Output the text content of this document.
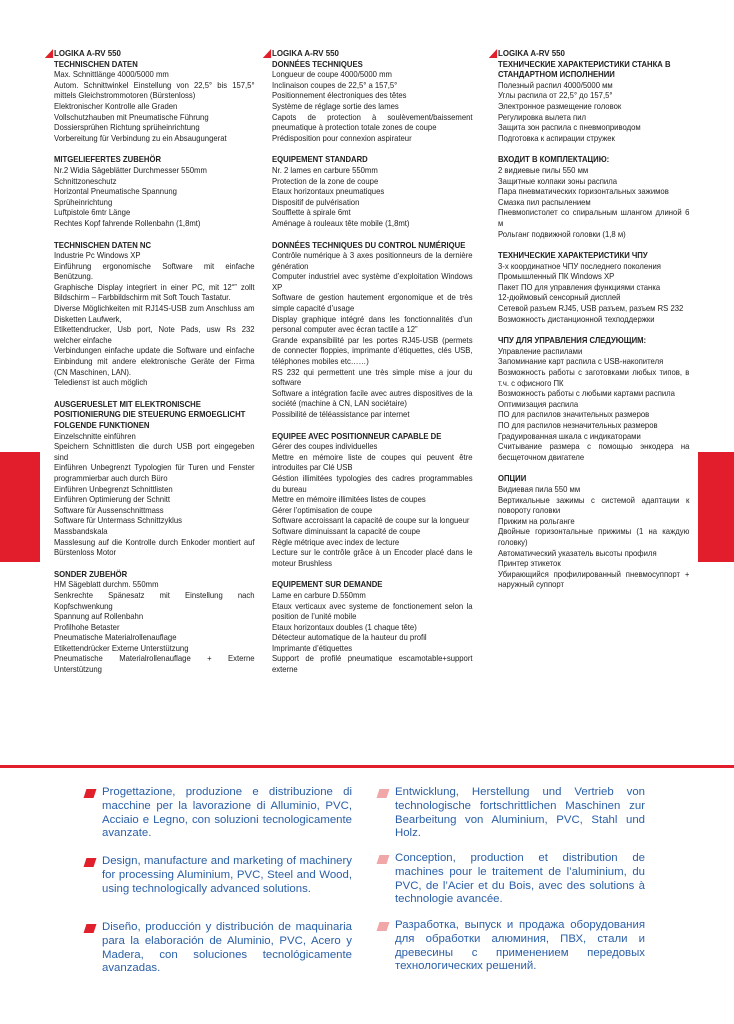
LOGIKA A-RV 550
TECHNISCHEN DATEN
Max. Schnittlänge 4000/5000 mm
Autom. Schnittwinkel Einstellung von 22,5° bis 157,5° mittels Gleichstrommotoren (Bürstenloss)
Elektronischer Kontrolle alle Graden
Vollschutzhauben mit Pneumatische Führung
Dossiersprühen Richtung sprüheinrichtung
Vorbereitung für Verbindung zu ein Absaugungerat
MITGELIEFERTES ZUBEHÖR
Nr.2 Widia Sägeblätter Durchmesser 550mm
Schnittzoneschutz
Horizontal Pneumatische Spannung
Sprüheinrichtung
Luftpistole 6mtr Länge
Rechtes Kopf fahrende Rollenbahn (1,8mt)
TECHNISCHEN DATEN NC
Industrie Pc Windows XP
Einführung ergonomische Software mit einfache Benützung.
Graphische Display integriert in einer PC, mit 12“” zollt Bildschirm – Farbbildschirm mit Soft Touch Tastatur.
Diverse Möglichkeiten mit RJ14S-USB zum Anschluss am Disketten Laufwerk,
Etikettendrucker, Usb port, Note Pads, usw Rs 232 welcher einfache
Verbindungen einfache update die Software und einfache Einbindung mit andere elektronische Geräte der Firma (CN Maschinen, LAN).
Telediensт ist auch möglich
AUSGERUESLET MIT ELEKTRONISCHE POSITIONIERUNG DIE STEUERUNG ERMOEGLICHT FOLGENDE FUNKTIONEN
Einzelschnitte einführen
Speichern Schnittlisten die durch USB port eingegeben sind
Einführen Unbegrenzt Typologien für Turen und Fenster programmierbar auch durch Büro
Einführen Unbegrenzt Schnittlisten
Einführen Optimierung der Schnitt
Software für Aussenschnittmass
Software für Untermass Schnittzyklus
Massbandskala
Masslesung auf die Kontrolle durch Enkoder montiert auf Bürstenloss Motor
SONDER ZUBEHÖR
HM Sägeblatt durchm. 550mm
Senkrechte Spänesatz mit Einstellung nach Kopfschwenkung
Spannung auf Rollenbahn
Profilhohe Betaster
Pneumatische Materialrollenauflage
Etikettendrücker Externe Unterstützung
Pneumatische Materialrollenauflage + Externe Unterstützung
LOGIKA A-RV 550
DONNÉES TECHNIQUES
Longueur de coupe 4000/5000 mm
Inclinaison coupes de 22,5° a 157,5°
Positionnement électroniques des têtes
Système de réglage sortie des lames
Capots de protection à soulèvement/baissement pneumatique à protection totale zones de coupe
Prédisposition pour connexion aspirateur
EQUIPEMENT STANDARD
Nr. 2 lames en carbure 550mm
Protection de la zone de coupe
Etaux horizontaux pneumatiques
Dispositif de pulvérisation
Soufflette à spirale 6mt
Aménage à rouleaux tête mobile (1,8mt)
DONNÉES TECHNIQUES DU CONTROL NUMÉRIQUE
Contrôle numérique à 3 axes positionneurs de la dernière génération
Computer industriel avec système d’exploitation Windows XP
Software de gestion hautement ergonomique et de très simple capacité d’usage
Display graphique intégré dans les fonctionnalités d’un personal computer avec écran tactile a 12”
Grande expansibilité par les portes RJ45-USB (permets de connecter floppies, imprimante d’étiquettes, clés USB, téléphones mobiles etc……)
RS 232 qui permettent une très simple mise a jour du software
Software a intégration facile avec autres dispositives de la société (machine à CN, LAN sociétaire)
Possibilité de téléassistance par internet
EQUIPEE AVEC POSITIONNEUR CAPABLE DE
Gérer des coupes individuelles
Mettre en mémoire liste de coupes qui peuvent être introduites par Clé USB
Géstion illimitées typologies des cadres programmables du bureau
Mettre en mémoire illimitées listes de coupes
Gérer l’optimisation de coupe
Software accroissant la capacité de coupe sur la longueur
Software diminuissant la capacité de coupe
Règle métrique avec index de lecture
Lecture sur le contrôle grâce à un Encoder placé dans le moteur Brushless
EQUIPEMENT SUR DEMANDE
Lame en carbure D.550mm
Etaux verticaux avec systeme de fonctionement selon la position de l’unité mobile
Etaux horizontaux doubles (1 chaque tête)
Détecteur automatique de la hauteur du profil
Imprimante d’étiquettes
Support de profilé pneumatique escamotable+support externe
LOGIKA A-RV 550
ТЕХНИЧЕСКИЕ ХАРАКТЕРИСТИКИ СТАНКА В СТАНДАРТНОМ ИСПОЛНЕНИИ
Полезный распил 4000/5000 мм
Углы распила от 22,5° до 157,5°
Электронное размещение головок
Регулировка вылета пил
Защита зон распила с пневмоприводом
Подготовка к аспирации стружек
ВХОДИТ В КОМПЛЕКТАЦИЮ:
2 видиевые пилы 550 мм
Защитные колпаки зоны распила
Пара пневматических горизонтальных зажимов
Смазка пил распылением
Пневмопистолет со спиральным шлангом длиной 6 м
Рольганг подвижной головки (1,8 м)
ТЕХНИЧЕСКИЕ ХАРАКТЕРИСТИКИ ЧПУ
3-х координатное ЧПУ последнего поколения
Промышленный ПК Windows XP
Пакет ПО для управления функциями станка
12-дюймовый сенсорный дисплей
Сетевой разъем RJ45, USB разъем, разъем RS 232
Возможность дистанционной техподдержки
ЧПУ ДЛЯ УПРАВЛЕНИЯ СЛЕДУЮЩИМ:
Управление распилами
Запоминание карт распила с USB-накопителя
Возможность работы с заготовками любых типов, в т.ч. с офисного ПК
Возможность работы с любыми картами распила
Оптимизация распила
ПО для распилов значительных размеров
ПО для распилов незначительных размеров
Градуированная шкала с индикаторами
Считывание размера с помощью энкодера на бесщеточном двигателе
ОПЦИИ
Видиевая пила 550 мм
Вертикальные зажимы с системой адаптации к повороту головки
Прижим на рольганге
Двойные горизонтальные прижимы (1 на каждую головку)
Автоматический указатель высоты профиля
Принтер этикеток
Убирающийся профилированный пневмосуппорт + наружный суппорт
Progettazione, produzione e distribuzione di macchine per la lavorazione di Alluminio, PVC, Acciaio e Legno, con soluzioni tecnologicamente avanzate.
Design, manufacture and marketing of machinery for processing Aluminium, PVC, Steel and Wood, using technologically advanced solutions.
Diseño, producción y distribución de maquinaria para la elaboración de Aluminio, PVC, Acero y Madera, con soluciones tecnológicamente avanzadas.
Entwicklung, Herstellung und Vertrieb von technologische fortschrittlichen Maschinen zur Bearbeitung von Aluminium, PVC, Stahl und Holz.
Conception, production et distribution de machines pour le traitement de l’aluminium, du PVC, de l’Acier et du Bois, avec des solutions à technologie avancée.
Разработка, выпуск и продажа оборудования для обработки алюминия, ПВХ, стали и древесины с применением передовых технологических решений.
